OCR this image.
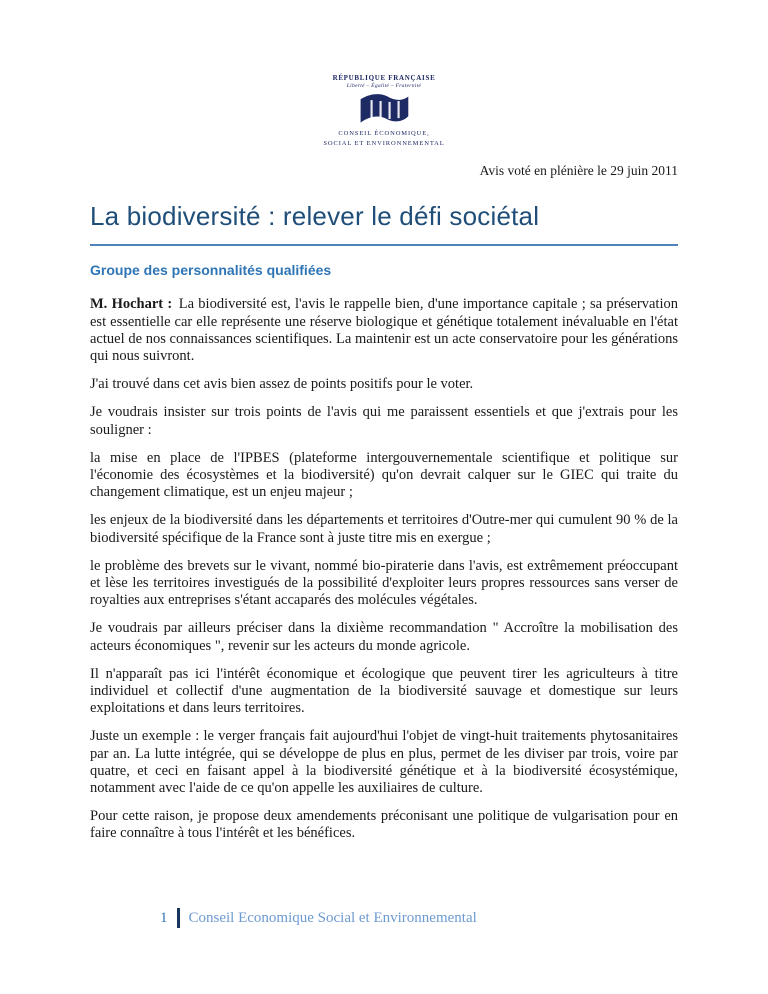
RÉPUBLIQUE FRANÇAISE
Liberté – Égalité – Fraternité
CONSEIL ÉCONOMIQUE,
SOCIAL ET ENVIRONNEMENTAL
Avis voté en plénière le 29 juin 2011
La biodiversité : relever le défi sociétal
Groupe des personnalités qualifiées

M. Hochart : La biodiversité est, l'avis le rappelle bien, d'une importance capitale ; sa préservation est essentielle car elle représente une réserve biologique et génétique totalement inévaluable en l'état actuel de nos connaissances scientifiques. La maintenir est un acte conservatoire pour les générations qui nous suivront.

J'ai trouvé dans cet avis bien assez de points positifs pour le voter.

Je voudrais insister sur trois points de l'avis qui me paraissent essentiels et que j'extrais pour les souligner :

la mise en place de l'IPBES (plateforme intergouvernementale scientifique et politique sur l'économie des écosystèmes et la biodiversité) qu'on devrait calquer sur le GIEC qui traite du changement climatique, est un enjeu majeur ;

les enjeux de la biodiversité dans les départements et territoires d'Outre-mer qui cumulent 90 % de la biodiversité spécifique de la France sont à juste titre mis en exergue ;

le problème des brevets sur le vivant, nommé bio-piraterie dans l'avis, est extrêmement préoccupant et lèse les territoires investigués de la possibilité d'exploiter leurs propres ressources sans verser de royalties aux entreprises s'étant accaparés des molécules végétales.

Je voudrais par ailleurs préciser dans la dixième recommandation " Accroître la mobilisation des acteurs économiques ", revenir sur les acteurs du monde agricole.

Il n'apparaît pas ici l'intérêt économique et écologique que peuvent tirer les agriculteurs à titre individuel et collectif d'une augmentation de la biodiversité sauvage et domestique sur leurs exploitations et dans leurs territoires.

Juste un exemple : le verger français fait aujourd'hui l'objet de vingt-huit traitements phytosanitaires par an. La lutte intégrée, qui se développe de plus en plus, permet de les diviser par trois, voire par quatre, et ceci en faisant appel à la biodiversité génétique et à la biodiversité écosystémique, notamment avec l'aide de ce qu'on appelle les auxiliaires de culture.

Pour cette raison, je propose deux amendements préconisant une politique de vulgarisation pour en faire connaître à tous l'intérêt et les bénéfices.

1 Conseil Economique Social et Environnemental
